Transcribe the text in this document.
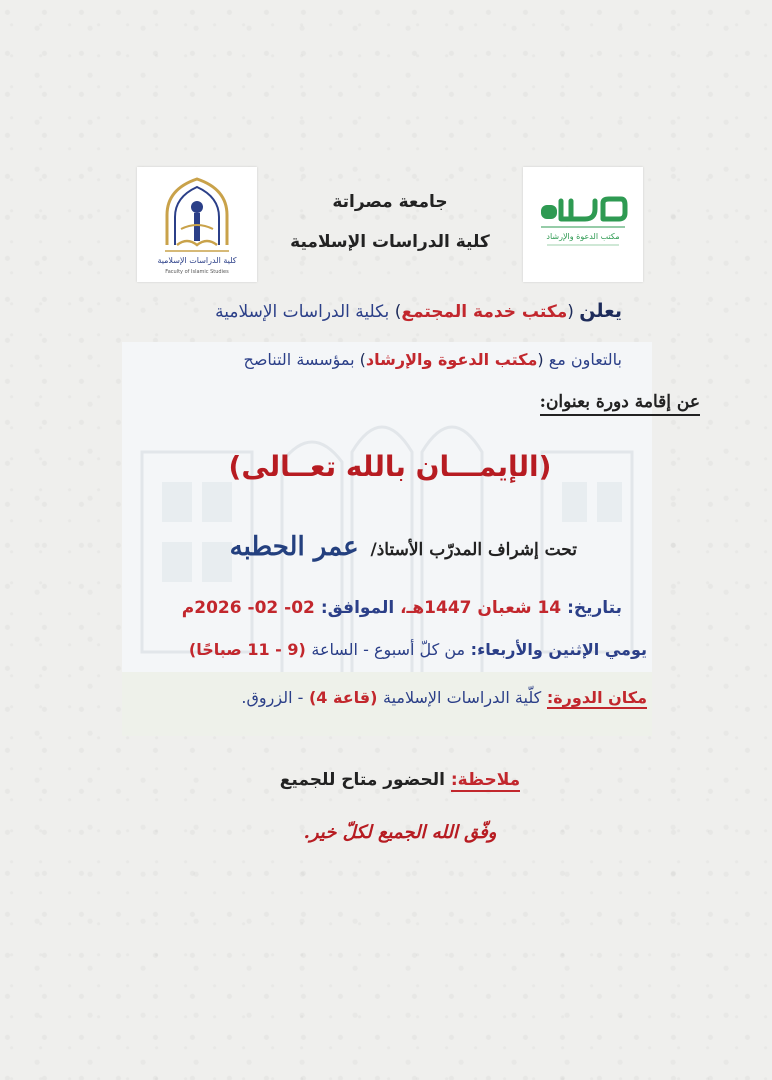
كلية الدراسات الإسلامية
Faculty of Islamic Studies
مكتب الدعوة والإرشاد
جامعة مصراتة
كلية الدراسات الإسلامية
يعلن (مكتب خدمة المجتمع) بكلية الدراسات الإسلامية
بالتعاون مع (مكتب الدعوة والإرشاد) بمؤسسة التناصح
عن إقامة دورة بعنوان:
(الإيمـــان بالله تعــالى)
تحت إشراف المدرّب الأستاذ/ عمر الحطبه
بتاريخ: 14 شعبان 1447هـ، الموافق: 02- 02- 2026م
يومي الإثنين والأربعاء: من كلّ أسبوع - الساعة (9 - 11 صباحًا)
مكان الدورة: كلّية الدراسات الإسلامية (قاعة 4) - الزروق.
ملاحظة: الحضور متاح للجميع
وفّق الله الجميع لكلّ خير.
